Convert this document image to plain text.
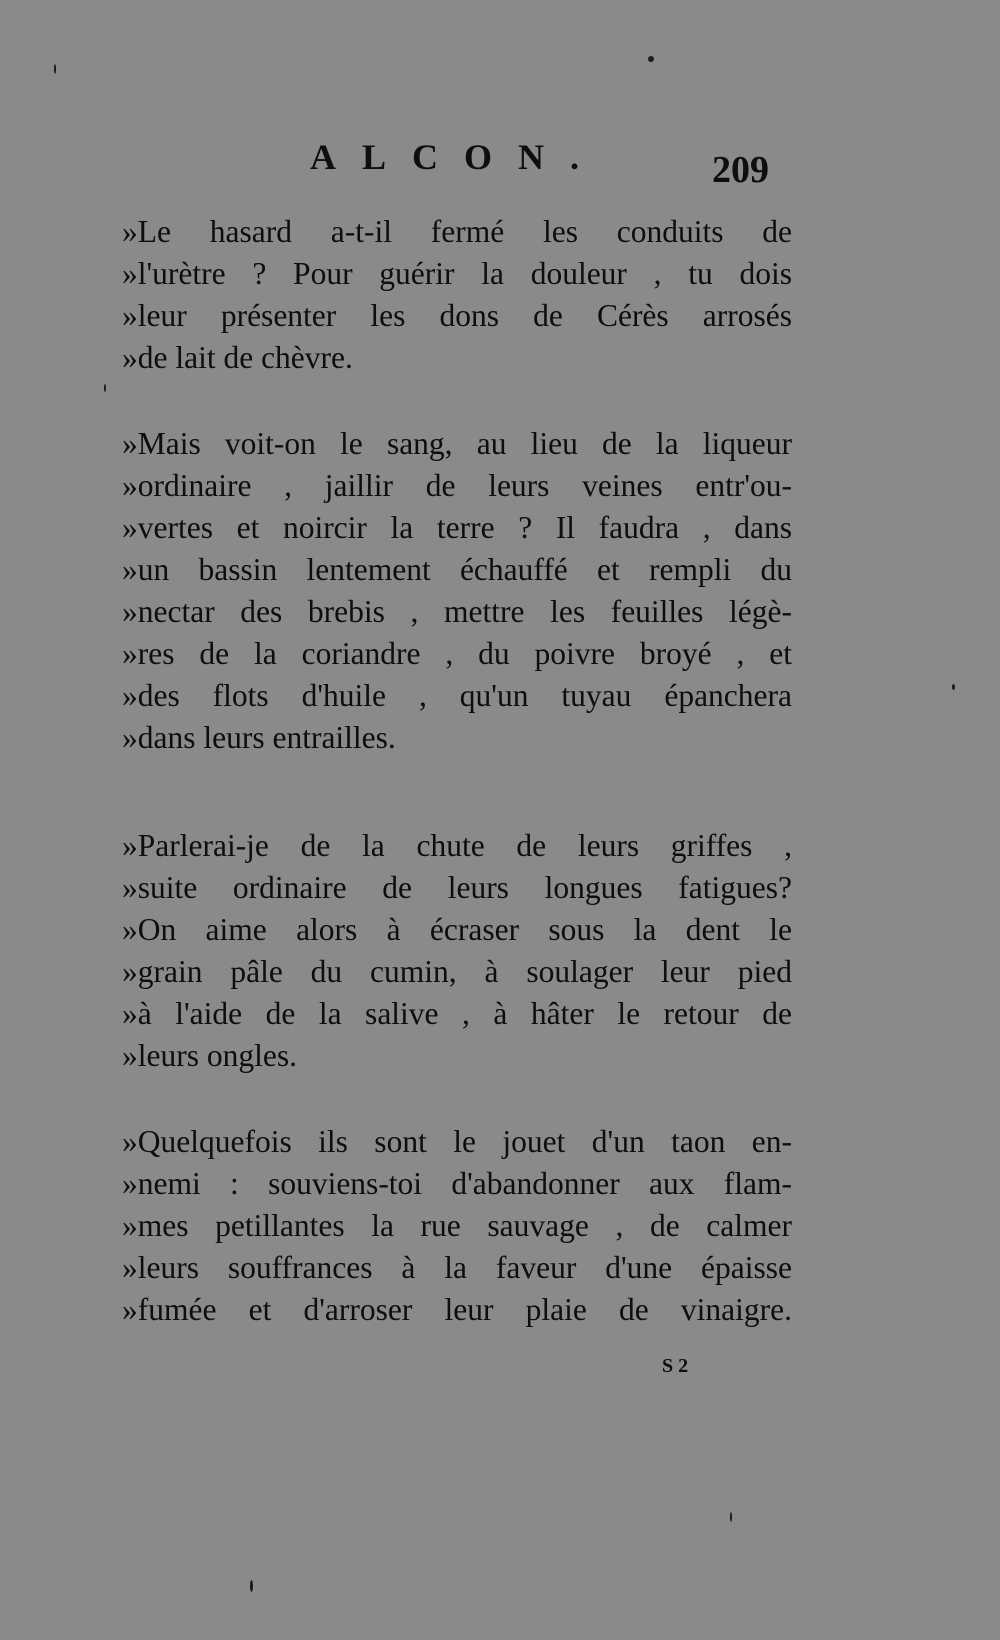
ALCON.	209
»Le hasard a-t-il fermé les conduits de
»l'urètre ? Pour guérir la douleur , tu dois
»leur présenter les dons de Cérès arrosés
»de lait de chèvre.
»Mais voit-on le sang, au lieu de la liqueur
»ordinaire , jaillir de leurs veines entr'ou-
»vertes et noircir la terre ? Il faudra , dans
»un bassin lentement échauffé et rempli du
»nectar des brebis , mettre les feuilles légè-
»res de la coriandre , du poivre broyé , et
»des flots d'huile , qu'un tuyau épanchera
»dans leurs entrailles.
»Parlerai-je de la chute de leurs griffes ,
»suite ordinaire de leurs longues fatigues?
»On aime alors à écraser sous la dent le
»grain pâle du cumin, à soulager leur pied
»à l'aide de la salive , à hâter le retour de
»leurs ongles.
»Quelquefois ils sont le jouet d'un taon en-
»nemi : souviens-toi d'abandonner aux flam-
»mes petillantes la rue sauvage , de calmer
»leurs souffrances à la faveur d'une épaisse
»fumée et d'arroser leur plaie de vinaigre.
S 2
